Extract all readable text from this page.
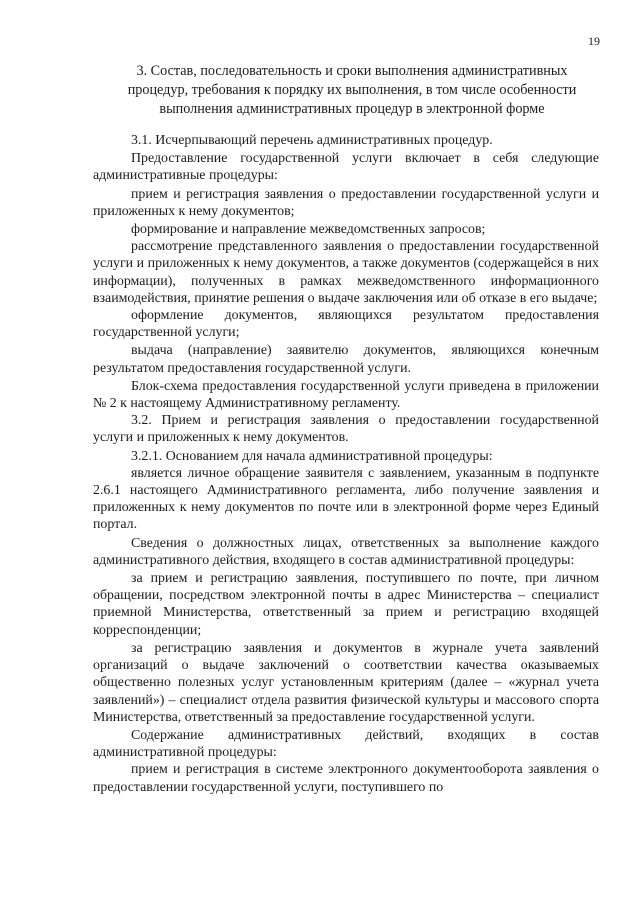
19
3. Состав, последовательность и сроки выполнения административных
процедур, требования к порядку их выполнения, в том числе особенности
выполнения административных процедур в электронной форме

3.1. Исчерпывающий перечень административных процедур.

Предоставление государственной услуги включает в себя следующие административные процедуры:

прием и регистрация заявления о предоставлении государственной услуги и приложенных к нему документов;

формирование и направление межведомственных запросов;

рассмотрение представленного заявления о предоставлении государственной услуги и приложенных к нему документов, а также документов (содержащейся в них информации), полученных в рамках межведомственного информационного взаимодействия, принятие решения о выдаче заключения или об отказе в его выдаче;

оформление документов, являющихся результатом предоставления государственной услуги;

выдача (направление) заявителю документов, являющихся конечным результатом предоставления государственной услуги.

Блок-схема предоставления государственной услуги приведена в приложении № 2 к настоящему Административному регламенту.

3.2. Прием и регистрация заявления о предоставлении государственной услуги и приложенных к нему документов.

3.2.1. Основанием для начала административной процедуры:

является личное обращение заявителя с заявлением, указанным в подпункте 2.6.1 настоящего Административного регламента, либо получение заявления и приложенных к нему документов по почте или в электронной форме через Единый портал.

Сведения о должностных лицах, ответственных за выполнение каждого административного действия, входящего в состав административной процедуры:

за прием и регистрацию заявления, поступившего по почте, при личном обращении, посредством электронной почты в адрес Министерства – специалист приемной Министерства, ответственный за прием и регистрацию входящей корреспонденции;

за регистрацию заявления и документов в журнале учета заявлений организаций о выдаче заключений о соответствии качества оказываемых общественно полезных услуг установленным критериям (далее – «журнал учета заявлений») – специалист отдела развития физической культуры и массового спорта Министерства, ответственный за предоставление государственной услуги.

Содержание административных действий, входящих в состав административной процедуры:

прием и регистрация в системе электронного документооборота заявления о предоставлении государственной услуги, поступившего по
